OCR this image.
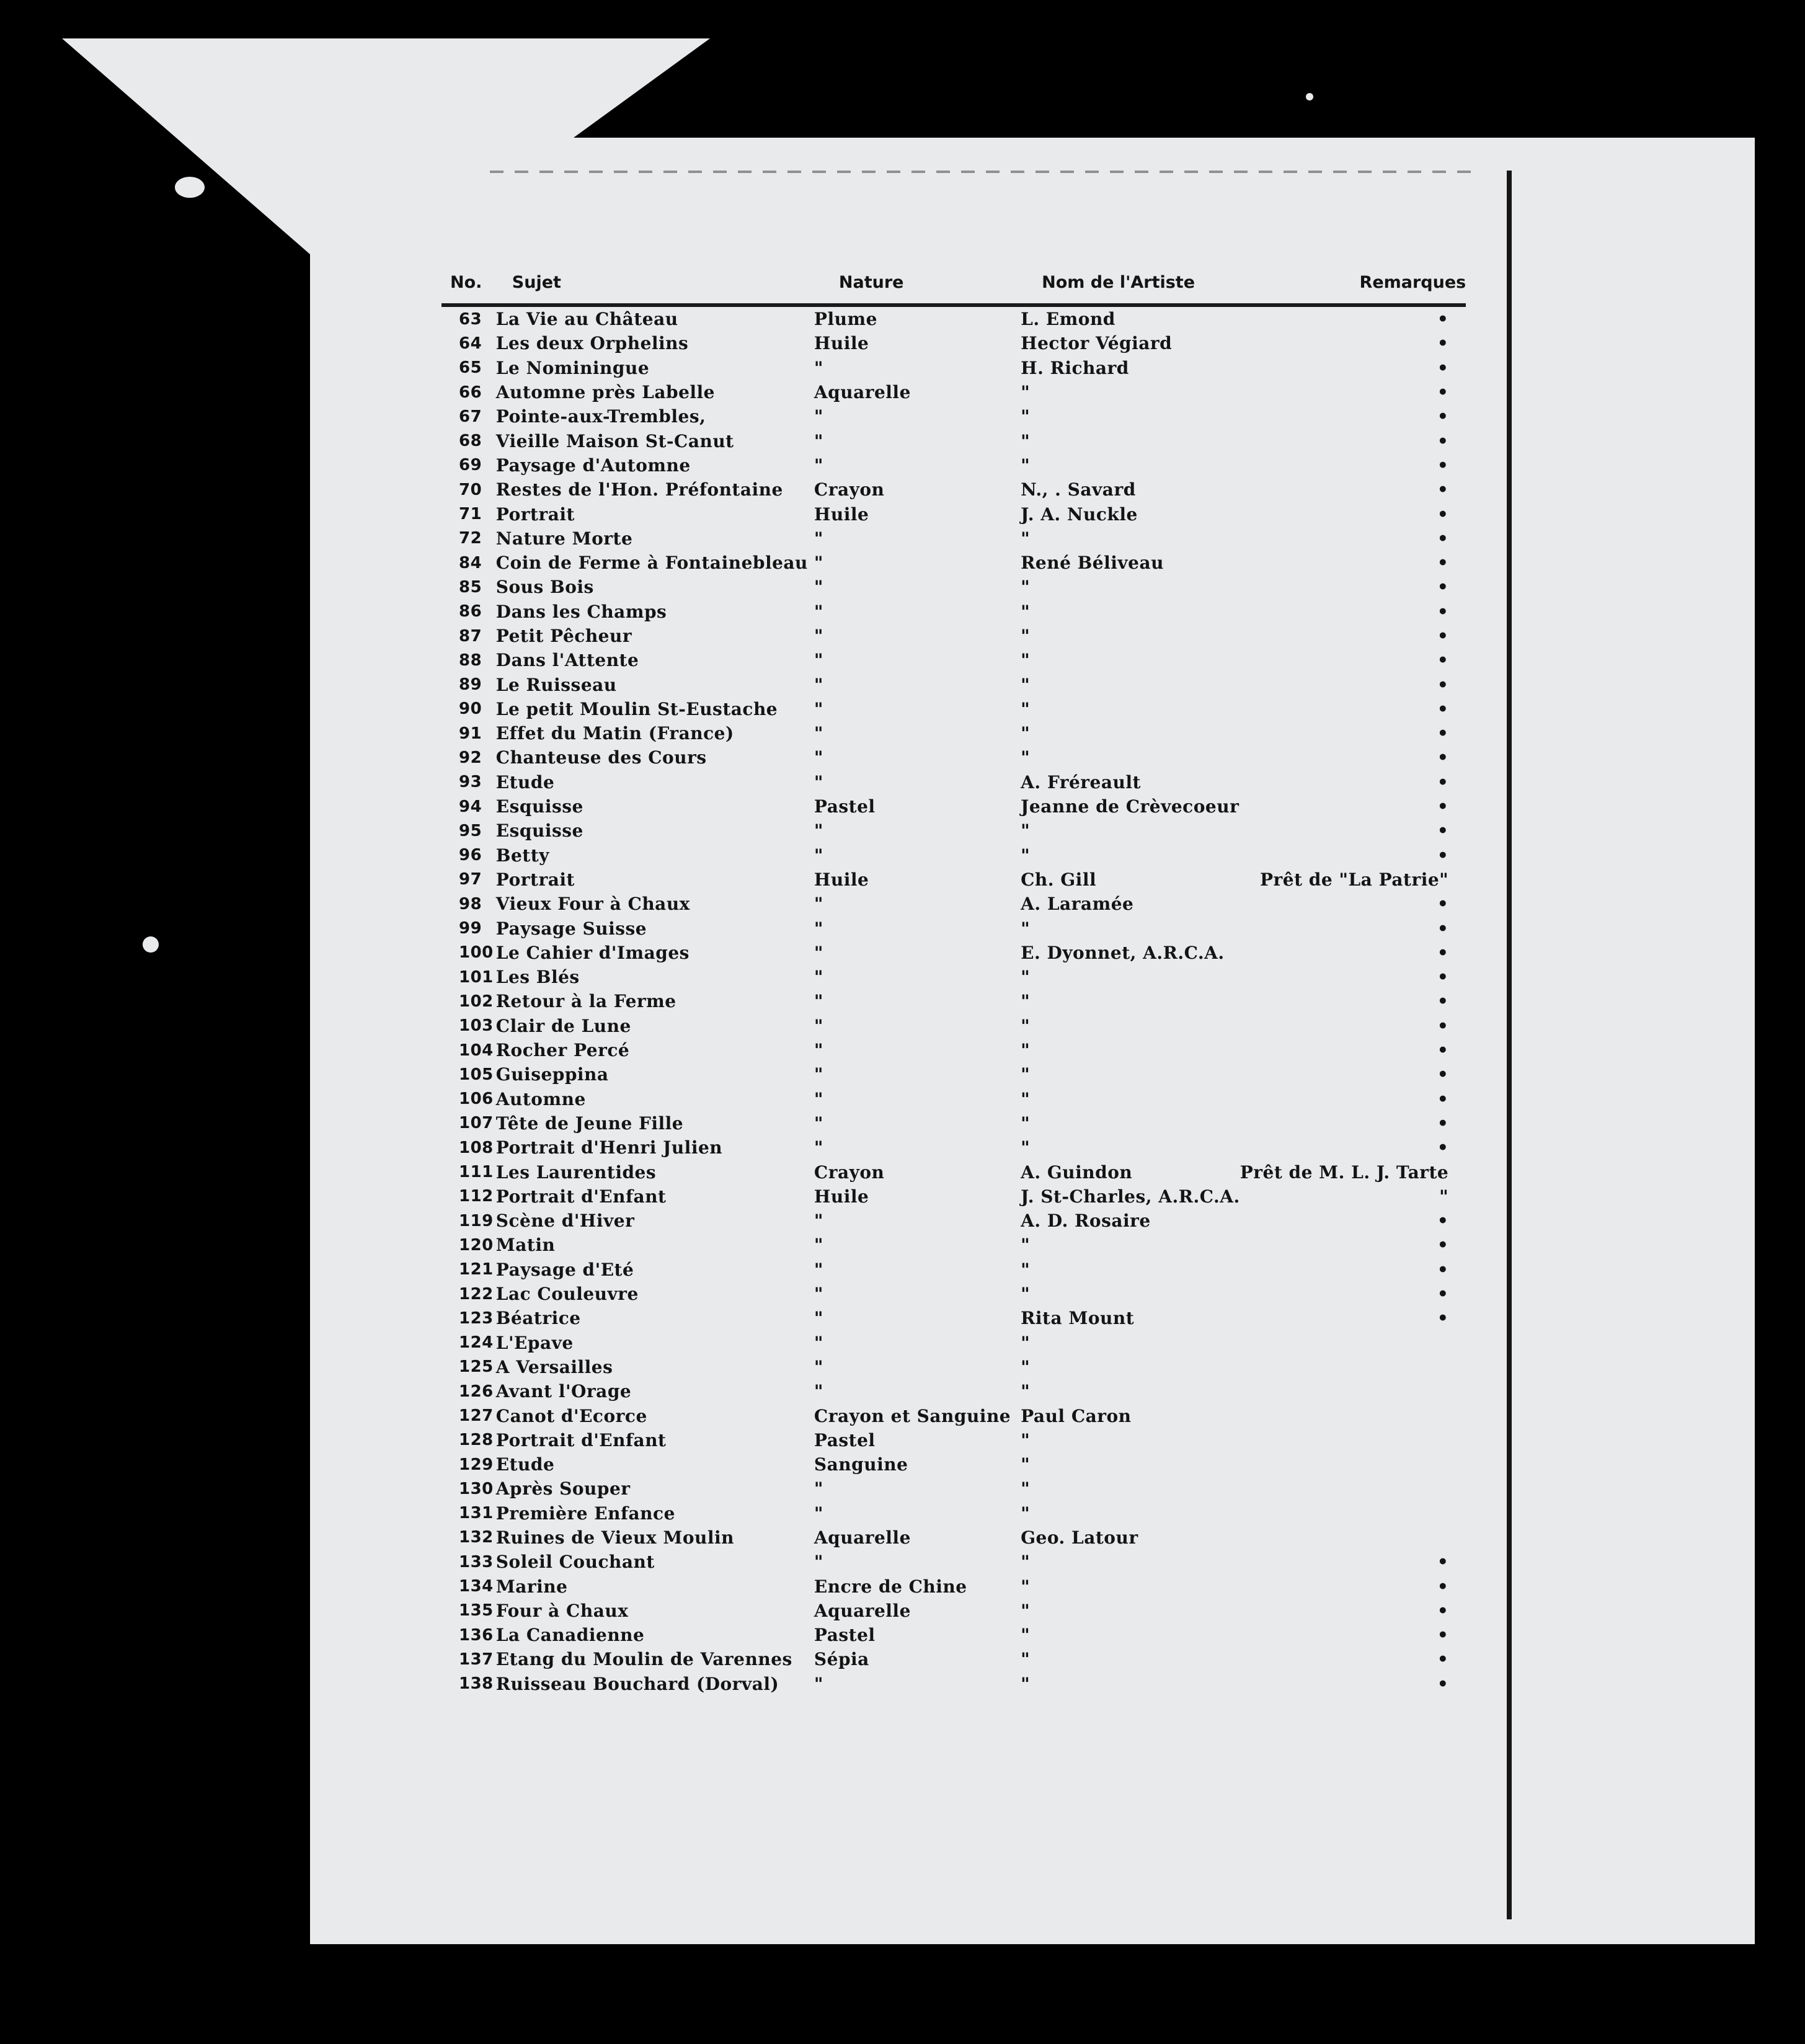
No.	Sujet	Nature	Nom de l'Artiste	Remarques
63	La Vie au Château	Plume	L. Emond	•
64	Les deux Orphelins	Huile	Hector Végiard	•
65	Le Nominingue	"	H. Richard	•
66	Automne près Labelle	Aquarelle	"	•
67	Pointe-aux-Trembles,	"	"	•
68	Vieille Maison St-Canut	"	"	•
69	Paysage d'Automne	"	"	•
70	Restes de l'Hon. Préfontaine	Crayon	N., . Savard	•
71	Portrait	Huile	J. A. Nuckle	•
72	Nature Morte	"	"	•
84	Coin de Ferme à Fontainebleau	"	René Béliveau	•
85	Sous Bois	"	"	•
86	Dans les Champs	"	"	•
87	Petit Pêcheur	"	"	•
88	Dans l'Attente	"	"	•
89	Le Ruisseau	"	"	•
90	Le petit Moulin St-Eustache	"	"	•
91	Effet du Matin (France)	"	"	•
92	Chanteuse des Cours	"	"	•
93	Etude	"	A. Fréreault	•
94	Esquisse	Pastel	Jeanne de Crèvecoeur	•
95	Esquisse	"	"	•
96	Betty	"	"	•
97	Portrait	Huile	Ch. Gill	Prêt de "La Patrie"
98	Vieux Four à Chaux	"	A. Laramée	•
99	Paysage Suisse	"	"	•
100	Le Cahier d'Images	"	E. Dyonnet, A.R.C.A.	•
101	Les Blés	"	"	•
102	Retour à la Ferme	"	"	•
103	Clair de Lune	"	"	•
104	Rocher Percé	"	"	•
105	Guiseppina	"	"	•
106	Automne	"	"	•
107	Tête de Jeune Fille	"	"	•
108	Portrait d'Henri Julien	"	"	•
111	Les Laurentides	Crayon	A. Guindon	Prêt de M. L. J. Tarte
112	Portrait d'Enfant	Huile	J. St-Charles, A.R.C.A.	"
119	Scène d'Hiver	"	A. D. Rosaire	•
120	Matin	"	"	•
121	Paysage d'Eté	"	"	•
122	Lac Couleuvre	"	"	•
123	Béatrice	"	Rita Mount	•
124	L'Epave	"	"	
125	A Versailles	"	"	
126	Avant l'Orage	"	"	
127	Canot d'Ecorce	Crayon et Sanguine	Paul Caron	
128	Portrait d'Enfant	Pastel	"	
129	Etude	Sanguine	"	
130	Après Souper	"	"	
131	Première Enfance	"	"	
132	Ruines de Vieux Moulin	Aquarelle	Geo. Latour	
133	Soleil Couchant	"	"	•
134	Marine	Encre de Chine	"	•
135	Four à Chaux	Aquarelle	"	•
136	La Canadienne	Pastel	"	•
137	Etang du Moulin de Varennes	Sépia	"	•
138	Ruisseau Bouchard (Dorval)	"	"	•
